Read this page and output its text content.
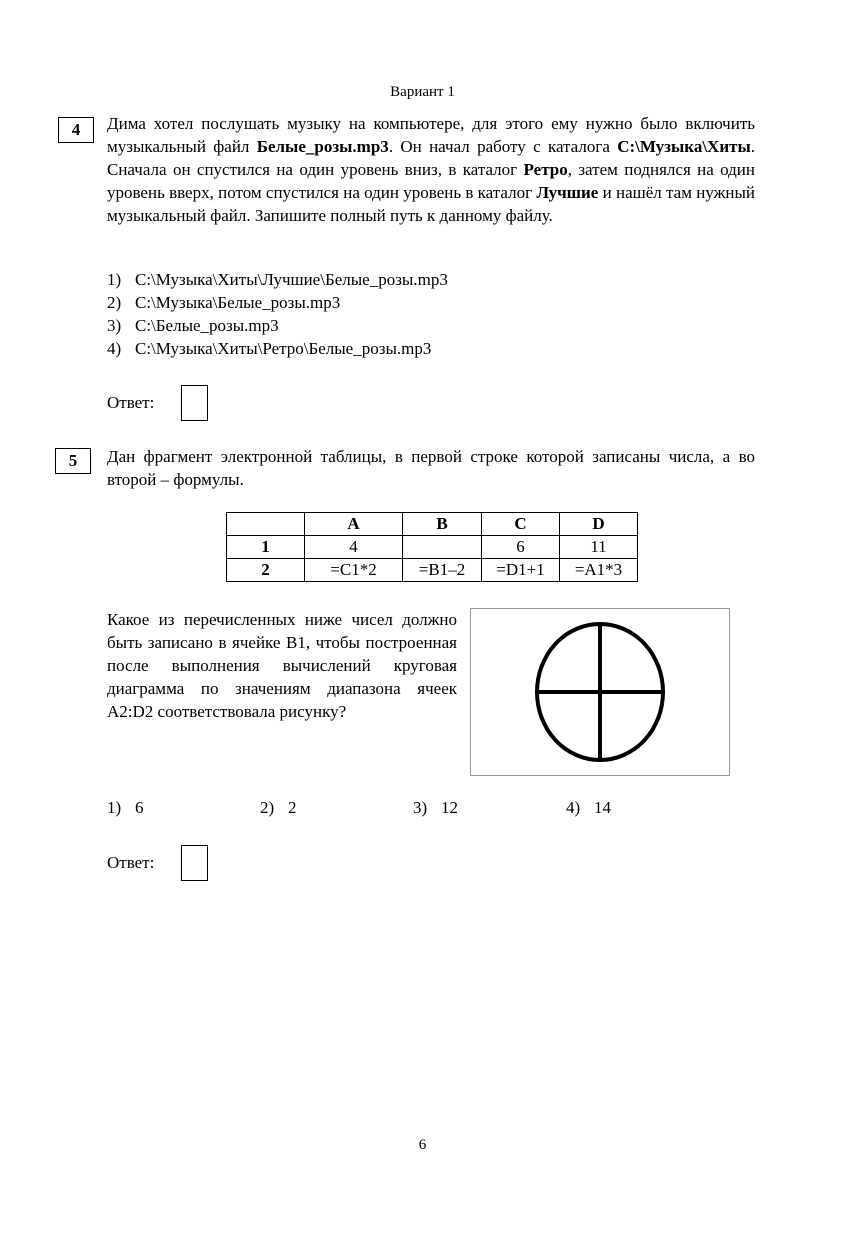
Вариант 1
4	Дима хотел послушать музыку на компьютере, для этого ему нужно было включить музыкальный файл Белые_розы.mp3. Он начал работу с каталога C:\Музыка\Хиты. Сначала он спустился на один уровень вниз, в каталог Ретро, затем поднялся на один уровень вверх, потом спустился на один уровень в каталог Лучшие и нашёл там нужный музыкальный файл. Запишите полный путь к данному файлу.
1) C:\Музыка\Хиты\Лучшие\Белые_розы.mp3
2) C:\Музыка\Белые_розы.mp3
3) C:\Белые_розы.mp3
4) C:\Музыка\Хиты\Ретро\Белые_розы.mp3
Ответ:
5	Дан фрагмент электронной таблицы, в первой строке которой записаны числа, а во второй – формулы.
	A	B	C	D
1	4		6	11
2	=C1*2	=B1–2	=D1+1	=A1*3
Какое из перечисленных ниже чисел должно быть записано в ячейке B1, чтобы построенная после выполнения вычислений круговая диаграмма по значениям диапазона ячеек A2:D2 соответствовала рисунку?
1) 6	2) 2	3) 12	4) 14
Ответ:
6
